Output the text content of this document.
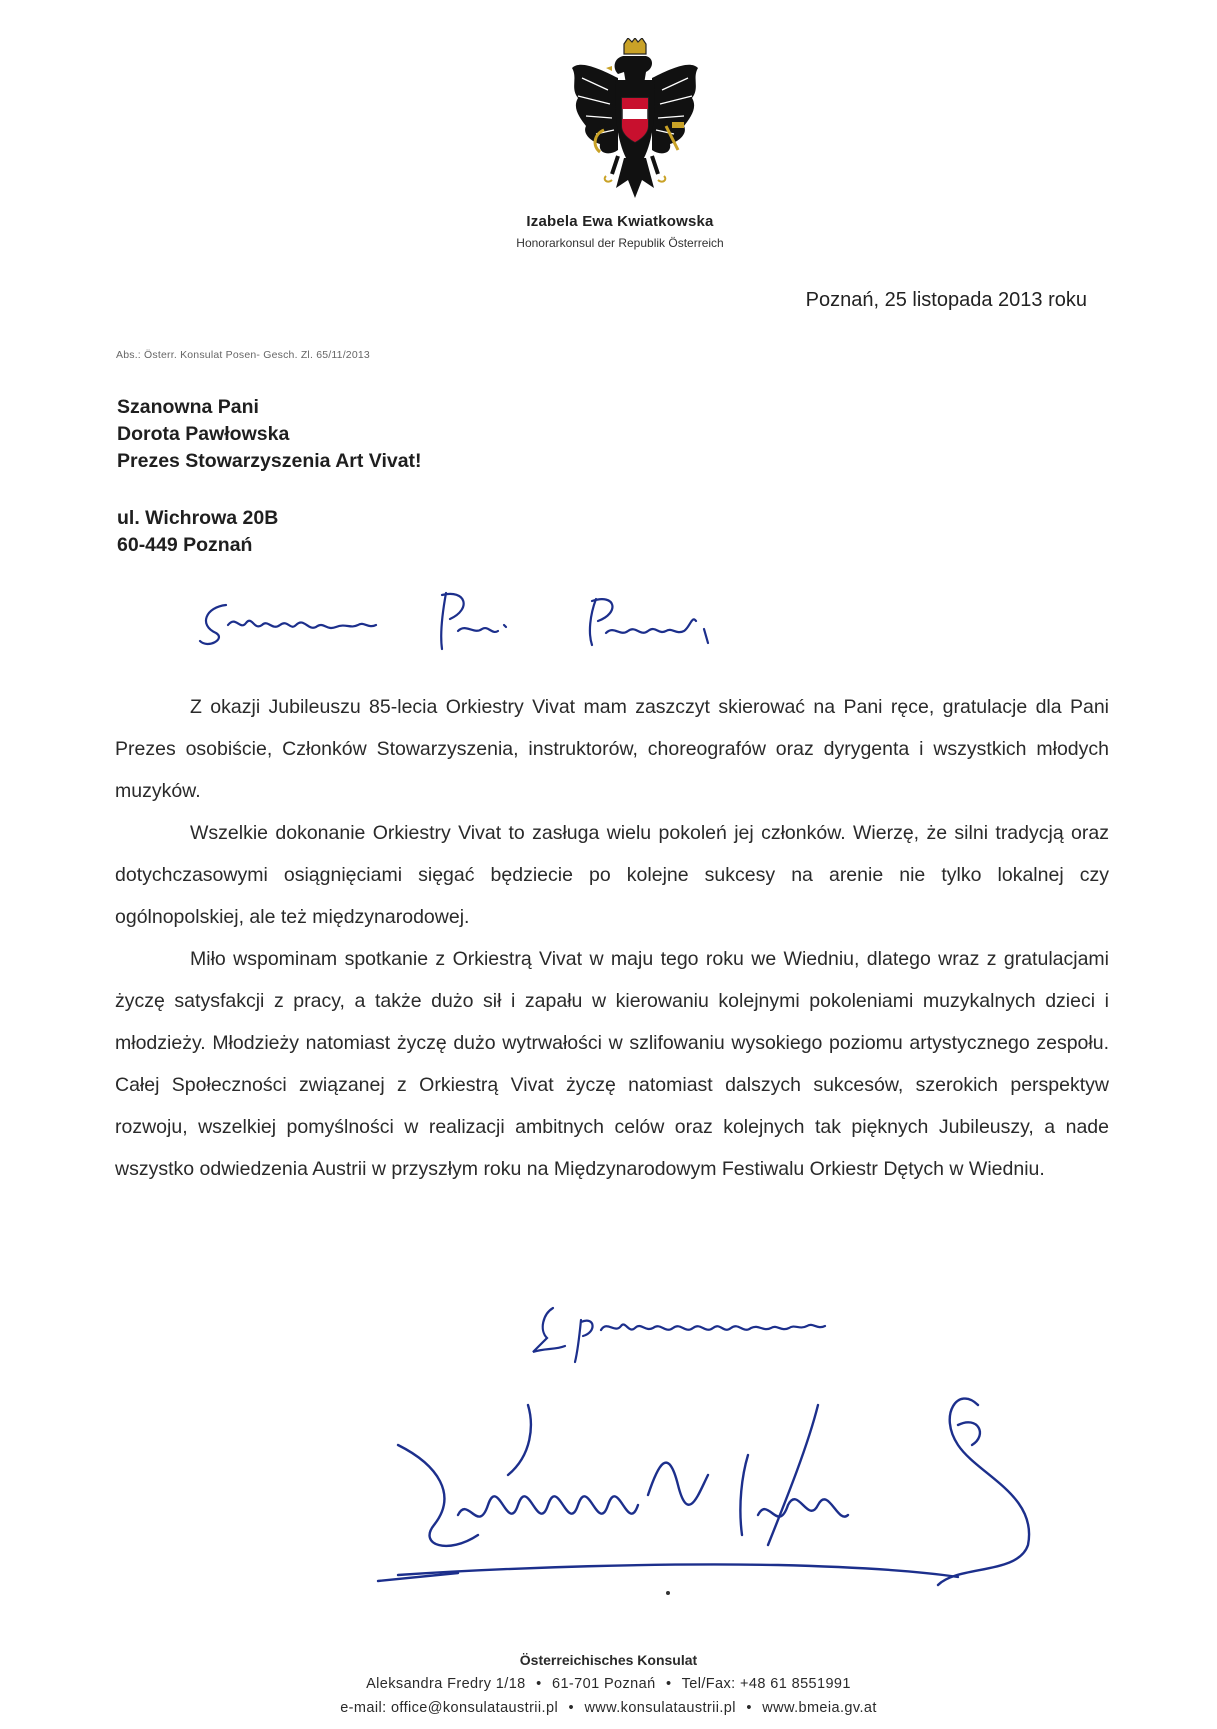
Izabela Ewa Kwiatkowska
Honorarkonsul der Republik Österreich
Poznań, 25 listopada 2013 roku
Abs.: Österr. Konsulat Posen- Gesch. Zl. 65/11/2013
Szanowna Pani
Dorota Pawłowska
Prezes Stowarzyszenia Art Vivat!
ul. Wichrowa 20B
60-449 Poznań

Z okazji Jubileuszu 85-lecia Orkiestry Vivat mam zaszczyt skierować na Pani ręce, gratulacje dla Pani Prezes osobiście, Członków Stowarzyszenia, instruktorów, choreografów oraz dyrygenta i wszystkich młodych muzyków.

Wszelkie dokonanie Orkiestry Vivat to zasługa wielu pokoleń jej członków. Wierzę, że silni tradycją oraz dotychczasowymi osiągnięciami sięgać będziecie po kolejne sukcesy na arenie nie tylko lokalnej czy ogólnopolskiej, ale też międzynarodowej.

Miło wspominam spotkanie z Orkiestrą Vivat w maju tego roku we Wiedniu, dlatego wraz z gratulacjami życzę satysfakcji z pracy, a także dużo sił i zapału w kierowaniu kolejnymi pokoleniami muzykalnych dzieci i młodzieży. Młodzieży natomiast życzę dużo wytrwałości w szlifowaniu wysokiego poziomu artystycznego zespołu. Całej Społeczności związanej z Orkiestrą Vivat życzę natomiast dalszych sukcesów, szerokich perspektyw rozwoju, wszelkiej pomyślności w realizacji ambitnych celów oraz kolejnych tak pięknych Jubileuszy, a nade wszystko odwiedzenia Austrii w przyszłym roku na Międzynarodowym Festiwalu Orkiestr Dętych w Wiedniu.

Österreichisches Konsulat
Aleksandra Fredry 1/18 • 61-701 Poznań • Tel/Fax: +48 61 8551991
e-mail: office@konsulataustrii.pl • www.konsulataustrii.pl • www.bmeia.gv.at
